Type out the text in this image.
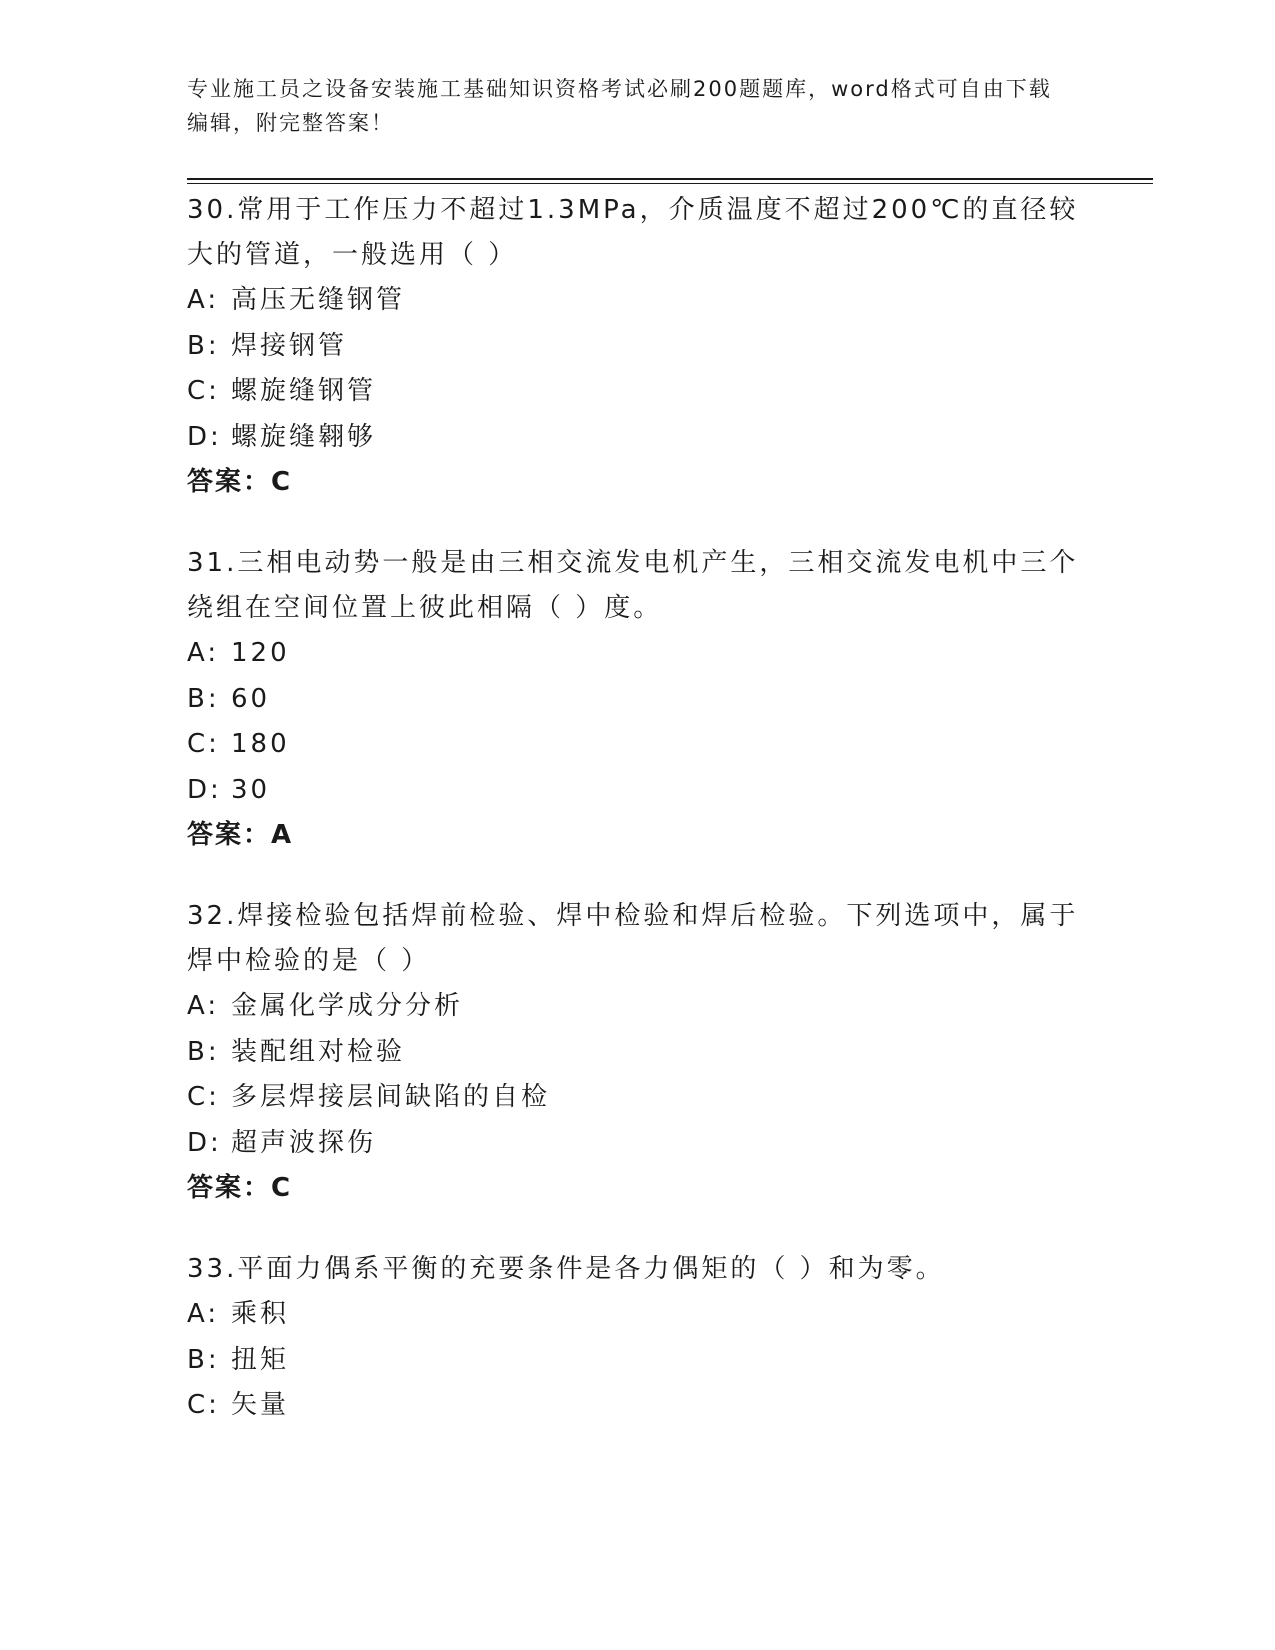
专业施工员之设备安装施工基础知识资格考试必刷200题题库，word格式可自由下载编辑，附完整答案！

30.常用于工作压力不超过1.3MPa，介质温度不超过200℃的直径较大的管道，一般选用（ ）

A: 高压无缝钢管

B: 焊接钢管

C: 螺旋缝钢管

D: 螺旋缝翱够

答案：C

31.三相电动势一般是由三相交流发电机产生，三相交流发电机中三个绕组在空间位置上彼此相隔（ ）度。

A: 120

B: 60

C: 180

D: 30

答案：A

32.焊接检验包括焊前检验、焊中检验和焊后检验。下列选项中，属于焊中检验的是（ ）

A: 金属化学成分分析

B: 装配组对检验

C: 多层焊接层间缺陷的自检

D: 超声波探伤

答案：C

33.平面力偶系平衡的充要条件是各力偶矩的（ ）和为零。

A: 乘积

B: 扭矩

C: 矢量
